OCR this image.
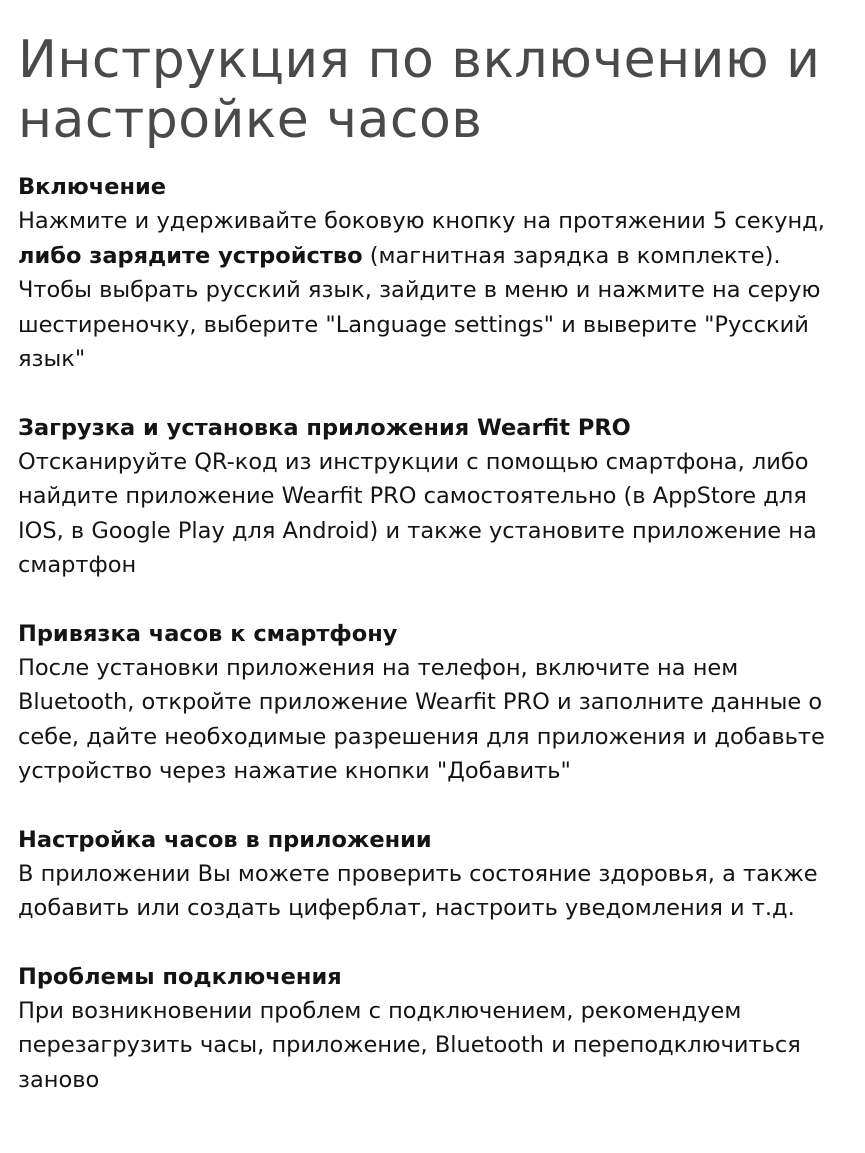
Инструкция по включению и настройке часов

Включение

Нажмите и удерживайте боковую кнопку на протяжении 5 секунд, либо зарядите устройство (магнитная зарядка в комплекте). Чтобы выбрать русский язык, зайдите в меню и нажмите на серую шестиреночку, выберите "Language settings" и выверите "Русский язык"

Загрузка и установка приложения Wearfit PRO

Отсканируйте QR-код из инструкции с помощью смартфона, либо найдите приложение Wearfit PRO самостоятельно (в AppStore для IOS, в Google Play для Android) и также установите приложение на смартфон

Привязка часов к смартфону

После установки приложения на телефон, включите на нем Bluetooth, откройте приложение Wearfit PRO и заполните данные о себе, дайте необходимые разрешения для приложения и добавьте устройство через нажатие кнопки "Добавить"

Настройка часов в приложении

В приложении Вы можете проверить состояние здоровья, а также добавить или создать циферблат, настроить уведомления и т.д.

Проблемы подключения

При возникновении проблем с подключением, рекомендуем перезагрузить часы, приложение, Bluetooth и переподключиться заново
